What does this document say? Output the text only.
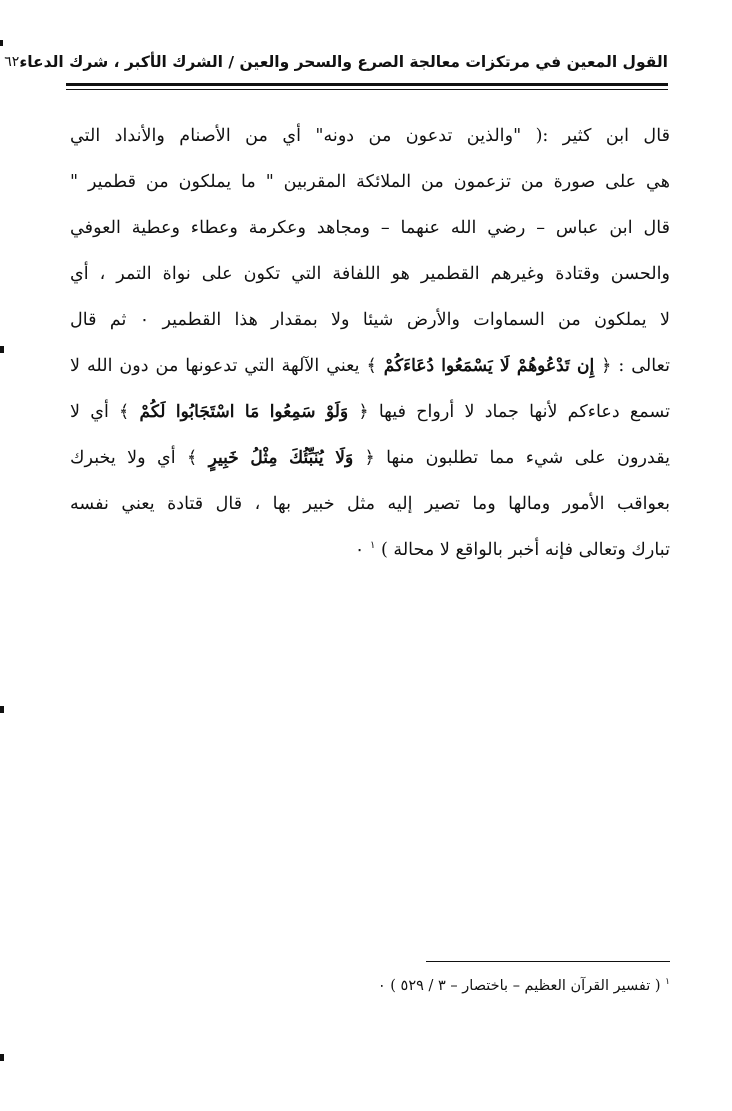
القول المعين في مرتكزات معالجة الصرع والسحر والعين / الشرك الأكبر ، شرك الدعاء
٦٢
قال ابن كثير :( "والذين تدعون من دونه" أي من الأصنام والأنداد التي
هي على صورة من تزعمون من الملائكة المقربين " ما يملكون من قطمير "
قال ابن عباس – رضي الله عنهما – ومجاهد وعكرمة وعطاء وعطية العوفي
والحسن وقتادة وغيرهم القطمير هو اللفافة التي تكون على نواة التمر ، أي
لا يملكون من السماوات والأرض شيئا ولا بمقدار هذا القطمير ٠ ثم قال
تعالى : ﴿ إِن تَدْعُوهُمْ لَا يَسْمَعُوا دُعَاءَكُمْ ﴾ يعني الآلهة التي تدعونها من دون الله لا
تسمع دعاءكم لأنها جماد لا أرواح فيها ﴿ وَلَوْ سَمِعُوا مَا اسْتَجَابُوا لَكُمْ ﴾ أي لا
يقدرون على شيء مما تطلبون منها ﴿ وَلَا يُنَبِّئُكَ مِثْلُ خَبِيرٍ ﴾ أي ولا يخبرك
بعواقب الأمور ومالها وما تصير إليه مثل خبير بها ، قال قتادة يعني نفسه
تبارك وتعالى فإنه أخبر بالواقع لا محالة ) $^١$ ٠
$^١$ ( تفسير القرآن العظيم – باختصار – ٣ / ٥٢٩ ) ٠
